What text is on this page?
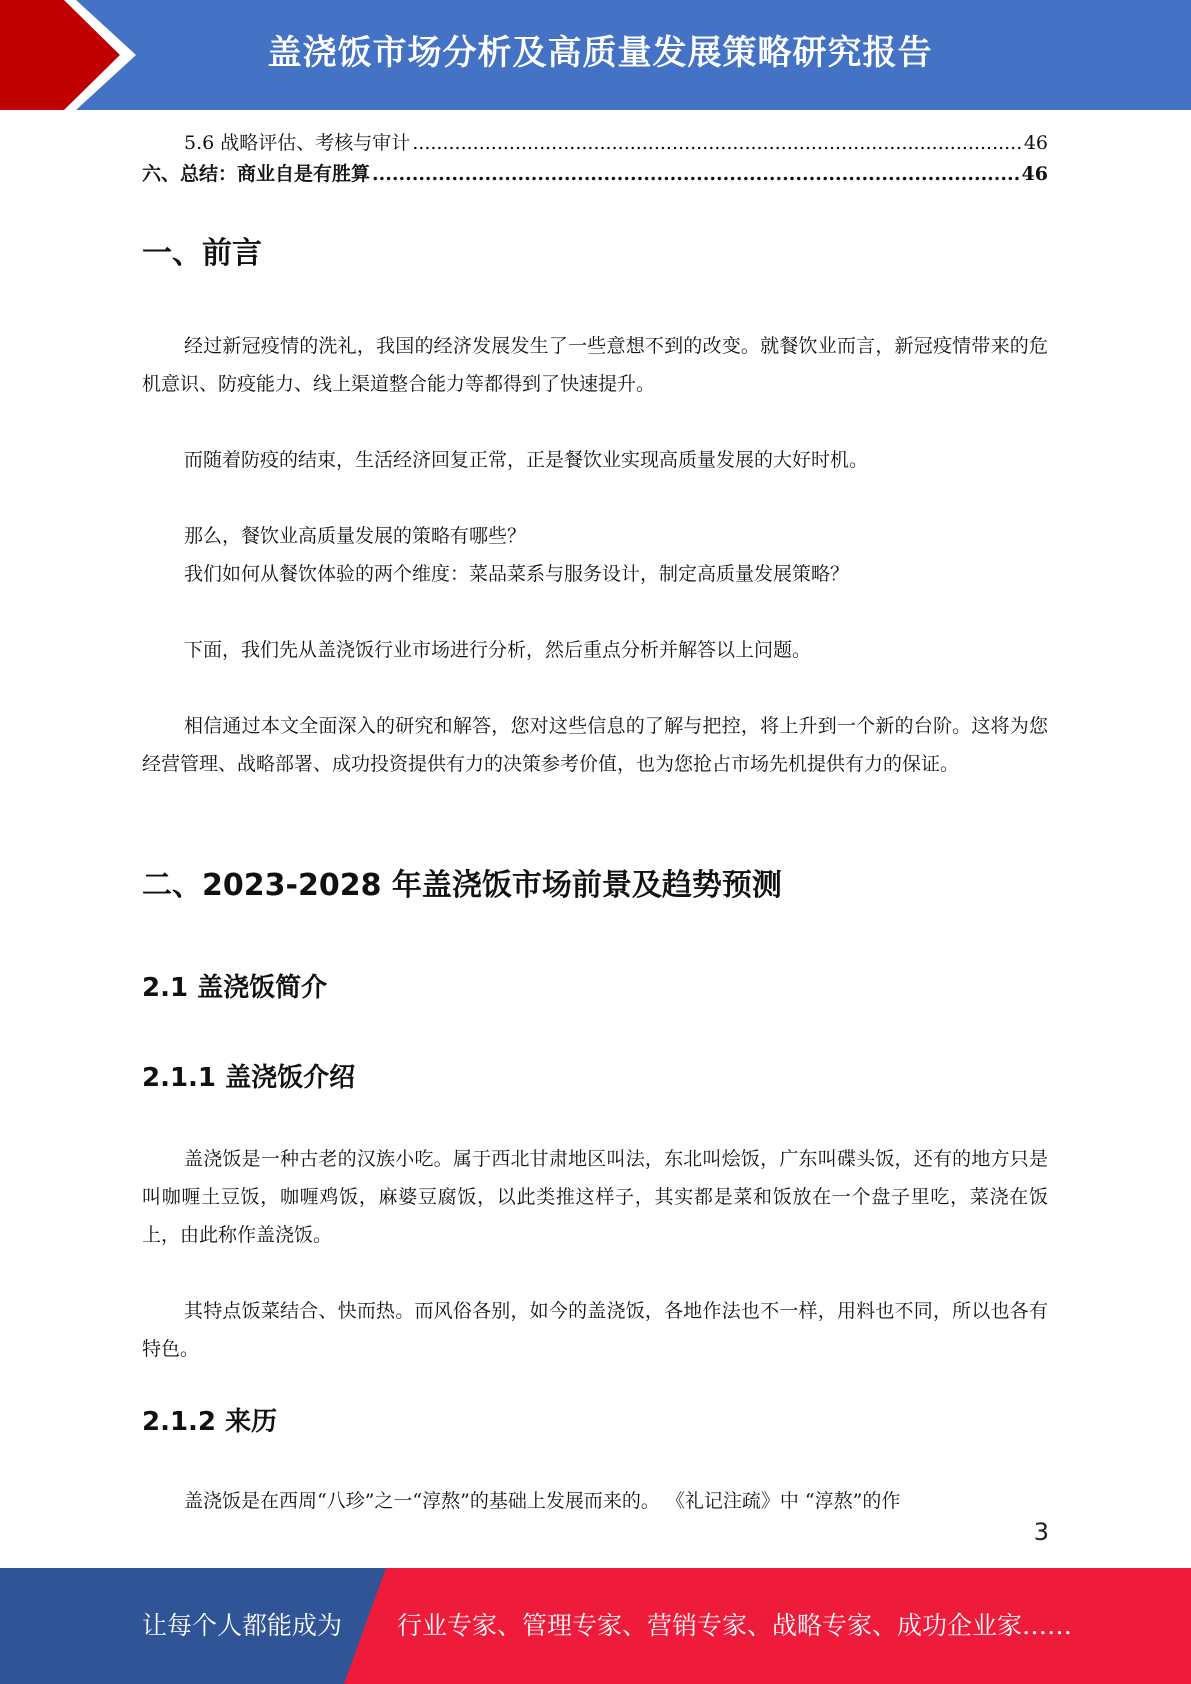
盖浇饭市场分析及高质量发展策略研究报告
5.6 战略评估、考核与审计 .....	46
六、总结：商业自是有胜算 .....	46
一、前言

经过新冠疫情的洗礼，我国的经济发展发生了一些意想不到的改变。就餐饮业而言，新冠疫情带来的危机意识、防疫能力、线上渠道整合能力等都得到了快速提升。

而随着防疫的结束，生活经济回复正常，正是餐饮业实现高质量发展的大好时机。

那么，餐饮业高质量发展的策略有哪些？

我们如何从餐饮体验的两个维度：菜品菜系与服务设计，制定高质量发展策略？

下面，我们先从盖浇饭行业市场进行分析，然后重点分析并解答以上问题。

相信通过本文全面深入的研究和解答，您对这些信息的了解与把控，将上升到一个新的台阶。这将为您经营管理、战略部署、成功投资提供有力的决策参考价值，也为您抢占市场先机提供有力的保证。

二、2023-2028 年盖浇饭市场前景及趋势预测
2.1 盖浇饭简介
2.1.1 盖浇饭介绍

盖浇饭是一种古老的汉族小吃。属于西北甘肃地区叫法，东北叫烩饭，广东叫碟头饭，还有的地方只是叫咖喱土豆饭，咖喱鸡饭，麻婆豆腐饭，以此类推这样子，其实都是菜和饭放在一个盘子里吃，菜浇在饭上，由此称作盖浇饭。

其特点饭菜结合、快而热。而风俗各别，如今的盖浇饭，各地作法也不一样，用料也不同，所以也各有特色。

2.1.2 来历

盖浇饭是在西周“八珍”之一“淳熬”的基础上发展而来的。 《礼记注疏》中 “淳熬”的作

3
让每个人都能成为 行业专家、管理专家、营销专家、战略专家、成功企业家……
